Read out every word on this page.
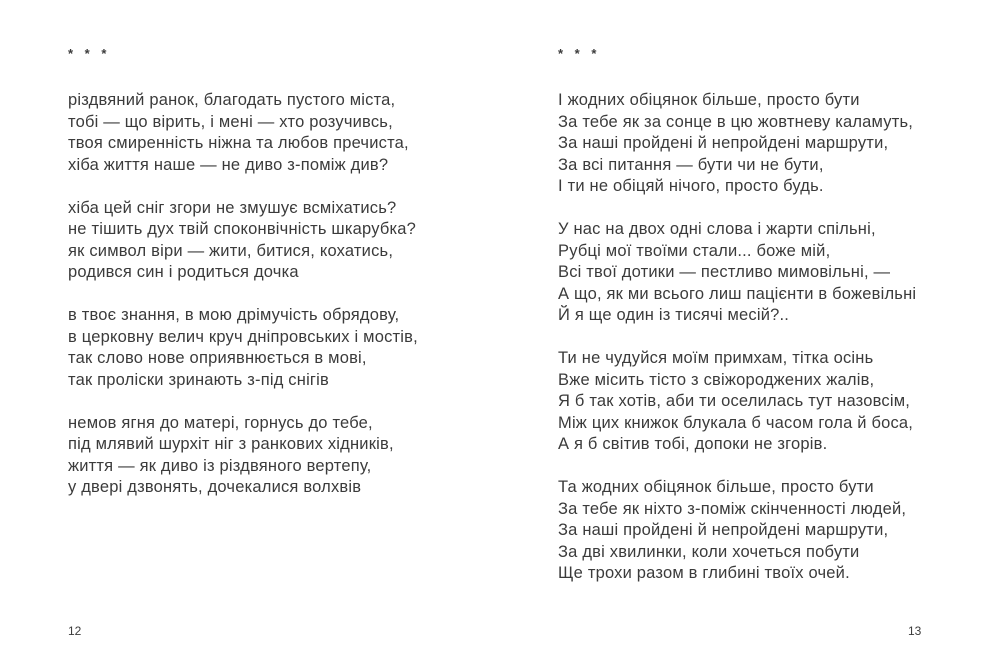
* * *

різдвяний ранок, благодать пустого міста,

тобі — що вірить, і мені — хто розучивсь,

твоя смиренність ніжна та любов пречиста,

хіба життя наше — не диво з-поміж див?

хіба цей сніг згори не змушує всміхатись?

не тішить дух твій споконвічність шкарубка?

як символ віри — жити, битися, кохатись,

родився син і родиться дочка

в твоє знання, в мою дрімучість обрядову,

в церковну велич круч дніпровських і мостів,

так слово нове оприявнюється в мові,

так проліски зринають з-під снігів

немов ягня до матері, горнусь до тебе,

під млявий шурхіт ніг з ранкових хідників,

життя — як диво із різдвяного вертепу,

у двері дзвонять, дочекалися волхвів

* * *

І жодних обіцянок більше, просто бути

За тебе як за сонце в цю жовтневу каламуть,

За наші пройдені й непройдені маршрути,

За всі питання — бути чи не бути,

І ти не обіцяй нічого, просто будь.

У нас на двох одні слова і жарти спільні,

Рубці мої твоїми стали... боже мій,

Всі твої дотики — пестливо мимовільні, —

А що, як ми всього лиш пацієнти в божевільні

Й я ще один із тисячі месій?..

Ти не чудуйся моїм примхам, тітка осінь

Вже місить тісто з свіжороджених жалів,

Я б так хотів, аби ти оселилась тут назовсім,

Між цих книжок блукала б часом гола й боса,

А я б світив тобі, допоки не згорів.

Та жодних обіцянок більше, просто бути

За тебе як ніхто з-поміж скінченності людей,

За наші пройдені й непройдені маршрути,

За дві хвилинки, коли хочеться побути

Ще трохи разом в глибині твоїх очей.

12	13
